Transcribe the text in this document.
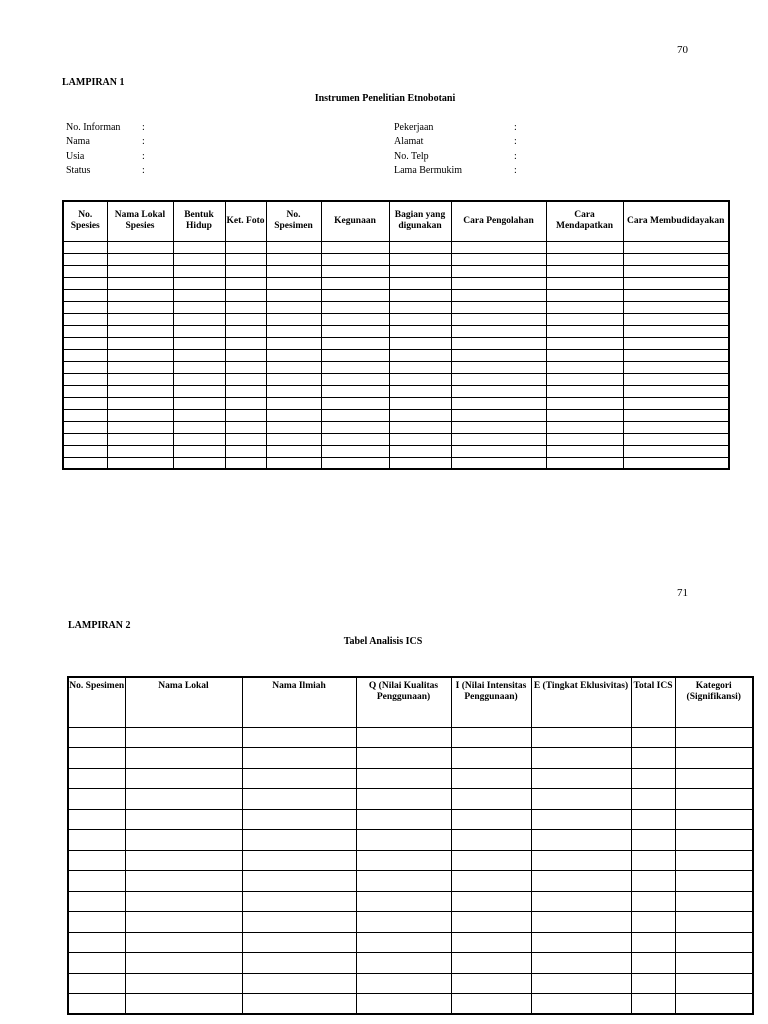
70
LAMPIRAN 1
Instrumen Penelitian Etnobotani
No. Informan :
Nama	:
Usia	:
Status	:
Pekerjaan	:
Alamat	:
No. Telp	:
Lama Bermukim	:
No. Spesies	Nama Lokal Spesies	Bentuk Hidup	Ket. Foto	No. Spesimen	Kegunaan	Bagian yang digunakan	Cara Pengolahan	Cara Mendapatkan	Cara Membudidayakan

71
LAMPIRAN 2
Tabel Analisis ICS
No. Spesimen	Nama Lokal	Nama Ilmiah	Q (Nilai Kualitas Penggunaan)	I (Nilai Intensitas Penggunaan)	E (Tingkat Eklusivitas)	Total ICS	Kategori (Signifikansi)
